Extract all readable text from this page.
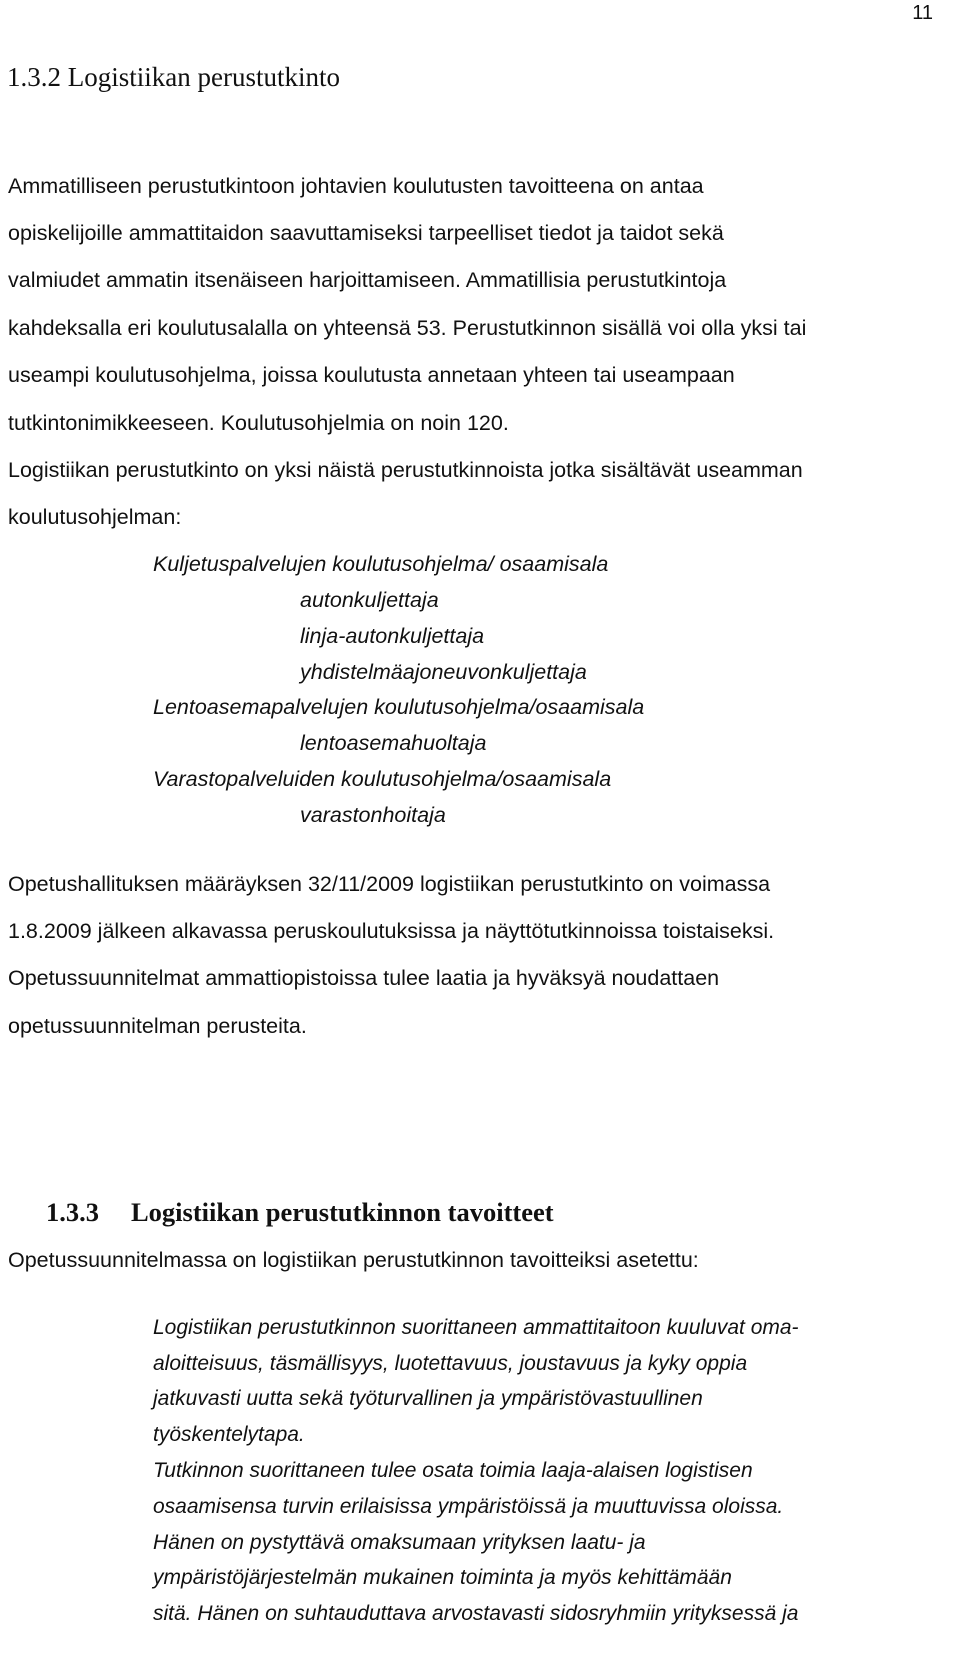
11
1.3.2 Logistiikan perustutkinto

Ammatilliseen perustutkintoon johtavien koulutusten tavoitteena on antaa

opiskelijoille ammattitaidon saavuttamiseksi tarpeelliset tiedot ja taidot sekä

valmiudet ammatin itsenäiseen harjoittamiseen. Ammatillisia perustutkintoja

kahdeksalla eri koulutusalalla on yhteensä 53. Perustutkinnon sisällä voi olla yksi tai

useampi koulutusohjelma, joissa koulutusta annetaan yhteen tai useampaan

tutkintonimikkeeseen. Koulutusohjelmia on noin 120.

Logistiikan perustutkinto on yksi näistä perustutkinnoista jotka sisältävät useamman

koulutusohjelman:

Kuljetuspalvelujen koulutusohjelma/ osaamisala

autonkuljettaja

linja-autonkuljettaja

yhdistelmäajoneuvonkuljettaja

Lentoasemapalvelujen koulutusohjelma/osaamisala

lentoasemahuoltaja

Varastopalveluiden koulutusohjelma/osaamisala

varastonhoitaja

Opetushallituksen määräyksen 32/11/2009 logistiikan perustutkinto on voimassa

1.8.2009 jälkeen alkavassa peruskoulutuksissa ja näyttötutkinnoissa toistaiseksi.

Opetussuunnitelmat ammattiopistoissa tulee laatia ja hyväksyä noudattaen

opetussuunnitelman perusteita.

1.3.3 Logistiikan perustutkinnon tavoitteet

Opetussuunnitelmassa on logistiikan perustutkinnon tavoitteiksi asetettu:

Logistiikan perustutkinnon suorittaneen ammattitaitoon kuuluvat oma-

aloitteisuus, täsmällisyys, luotettavuus, joustavuus ja kyky oppia

jatkuvasti uutta sekä työturvallinen ja ympäristövastuullinen

työskentelytapa.

Tutkinnon suorittaneen tulee osata toimia laaja-alaisen logistisen

osaamisensa turvin erilaisissa ympäristöissä ja muuttuvissa oloissa.

Hänen on pystyttävä omaksumaan yrityksen laatu- ja

ympäristöjärjestelmän mukainen toiminta ja myös kehittämään

sitä. Hänen on suhtauduttava arvostavasti sidosryhmiin yrityksessä ja
